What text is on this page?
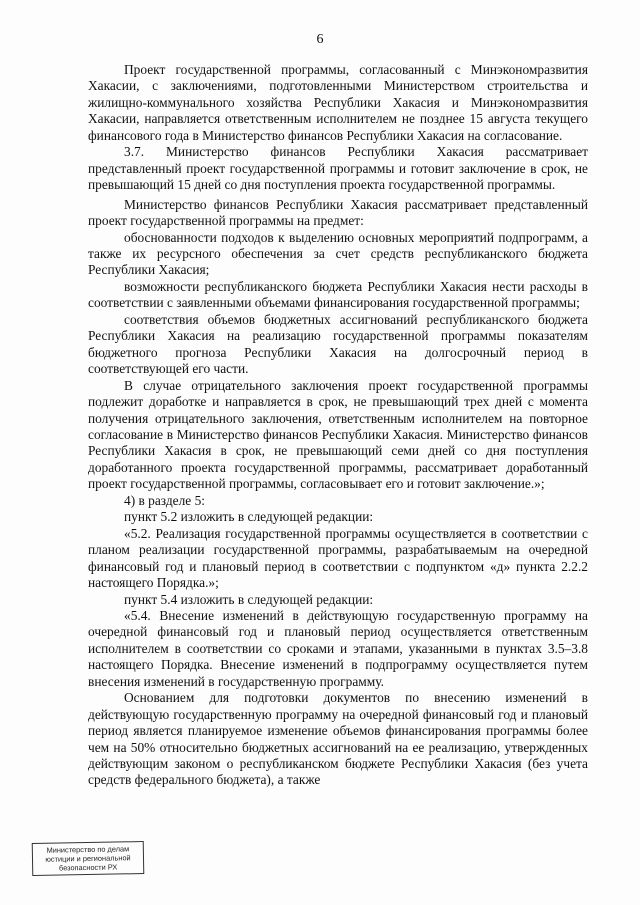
6

Проект государственной программы, согласованный с Минэкономразвития Хакасии, с заключениями, подготовленными Министерством строительства и жилищно-коммунального хозяйства Республики Хакасия и Минэкономразвития Хакасии, направляется ответственным исполнителем не позднее 15 августа текущего финансового года в Министерство финансов Республики Хакасия на согласование.

3.7. Министерство финансов Республики Хакасия рассматривает представленный проект государственной программы и готовит заключение в срок, не превышающий 15 дней со дня поступления проекта государственной программы.

Министерство финансов Республики Хакасия рассматривает представленный проект государственной программы на предмет:

обоснованности подходов к выделению основных мероприятий подпрограмм, а также их ресурсного обеспечения за счет средств республиканского бюджета Республики Хакасия;

возможности республиканского бюджета Республики Хакасия нести расходы в соответствии с заявленными объемами финансирования государственной программы;

соответствия объемов бюджетных ассигнований республиканского бюджета Республики Хакасия на реализацию государственной программы показателям бюджетного прогноза Республики Хакасия на долгосрочный период в соответствующей его части.

В случае отрицательного заключения проект государственной программы подлежит доработке и направляется в срок, не превышающий трех дней с момента получения отрицательного заключения, ответственным исполнителем на повторное согласование в Министерство финансов Республики Хакасия. Министерство финансов Республики Хакасия в срок, не превышающий семи дней со дня поступления доработанного проекта государственной программы, рассматривает доработанный проект государственной программы, согласовывает его и готовит заключение.»;

4) в разделе 5:

пункт 5.2 изложить в следующей редакции:

«5.2. Реализация государственной программы осуществляется в соответствии с планом реализации государственной программы, разрабатываемым на очередной финансовый год и плановый период в соответствии с подпунктом «д» пункта 2.2.2 настоящего Порядка.»;

пункт 5.4 изложить в следующей редакции:

«5.4. Внесение изменений в действующую государственную программу на очередной финансовый год и плановый период осуществляется ответственным исполнителем в соответствии со сроками и этапами, указанными в пунктах 3.5–3.8 настоящего Порядка. Внесение изменений в подпрограмму осуществляется путем внесения изменений в государственную программу.

Основанием для подготовки документов по внесению изменений в действующую государственную программу на очередной финансовый год и плановый период является планируемое изменение объемов финансирования программы более чем на 50% относительно бюджетных ассигнований на ее реализацию, утвержденных действующим законом о республиканском бюджете Республики Хакасия (без учета средств федерального бюджета), а также

Министерство по делам
юстиции и региональной
безопасности РХ
